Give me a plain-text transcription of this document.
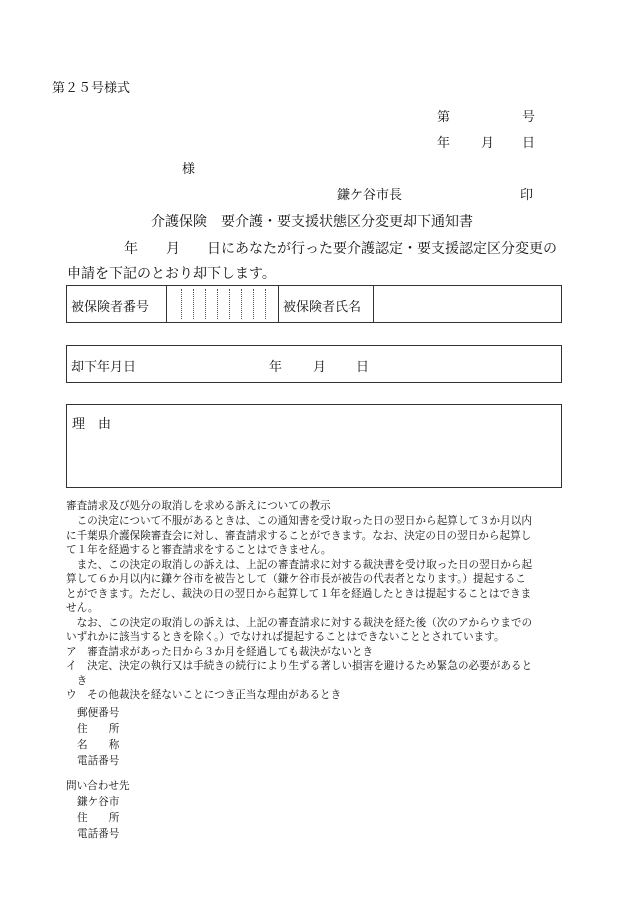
第２５号様式
第	号
年 月 日
様
鎌ケ谷市長	印
介護保険　要介護・要支援状態区分変更却下通知書
年 月 日にあなたが行った要介護認定・要支援認定区分変更の
申請を下記のとおり却下します。
被保険者番号	被保険者氏名
却下年月日	年 月 日
理　由
審査請求及び処分の取消しを求める訴えについての教示
　この決定について不服があるときは、この通知書を受け取った日の翌日から起算して３か月以内
に千葉県介護保険審査会に対し、審査請求することができます。なお、決定の日の翌日から起算し
て１年を経過すると審査請求をすることはできません。
　また、この決定の取消しの訴えは、上記の審査請求に対する裁決書を受け取った日の翌日から起
算して６か月以内に鎌ケ谷市を被告として（鎌ケ谷市長が被告の代表者となります。）提起するこ
とができます。ただし、裁決の日の翌日から起算して１年を経過したときは提起することはできま
せん。
　なお、この決定の取消しの訴えは、上記の審査請求に対する裁決を経た後（次のアからウまでの
いずれかに該当するときを除く。）でなければ提起することはできないこととされています。
ア　審査請求があった日から３か月を経過しても裁決がないとき
イ　決定、決定の執行又は手続きの続行により生ずる著しい損害を避けるため緊急の必要があると
　き
ウ　その他裁決を経ないことにつき正当な理由があるとき
郵便番号
住　　所
名　　称
電話番号
問い合わせ先
鎌ケ谷市
住　　所
電話番号
